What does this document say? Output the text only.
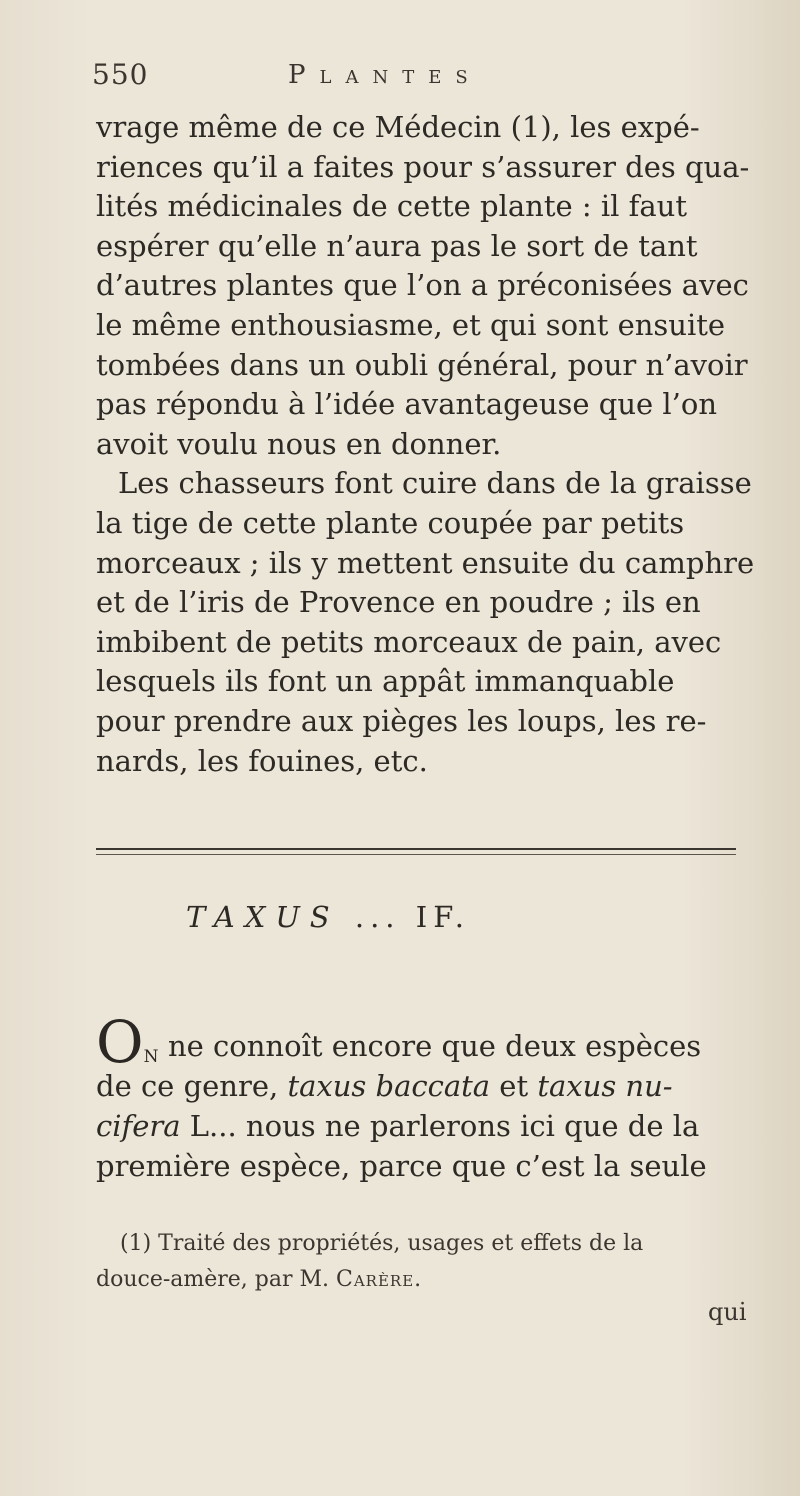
550	Plantes
vrage même de ce Médecin (1), les expé-
riences qu’il a faites pour s’assurer des qua-
lités médicinales de cette plante : il faut
espérer qu’elle n’aura pas le sort de tant
d’autres plantes que l’on a préconisées avec
le même enthousiasme, et qui sont ensuite
tombées dans un oubli général, pour n’avoir
pas répondu à l’idée avantageuse que l’on
avoit voulu nous en donner.
Les chasseurs font cuire dans de la graisse
la tige de cette plante coupée par petits
morceaux ; ils y mettent ensuite du camphre
et de l’iris de Provence en poudre ; ils en
imbibent de petits morceaux de pain, avec
lesquels ils font un appât immanquable
pour prendre aux pièges les loups, les re-
nards, les fouines, etc.
TAXUS ... IF.
On ne connoît encore que deux espèces
de ce genre, taxus baccata et taxus nu-
cifera L... nous ne parlerons ici que de la
première espèce, parce que c’est la seule
(1) Traité des propriétés, usages et effets de la
douce-amère, par M. Carère.
qui
